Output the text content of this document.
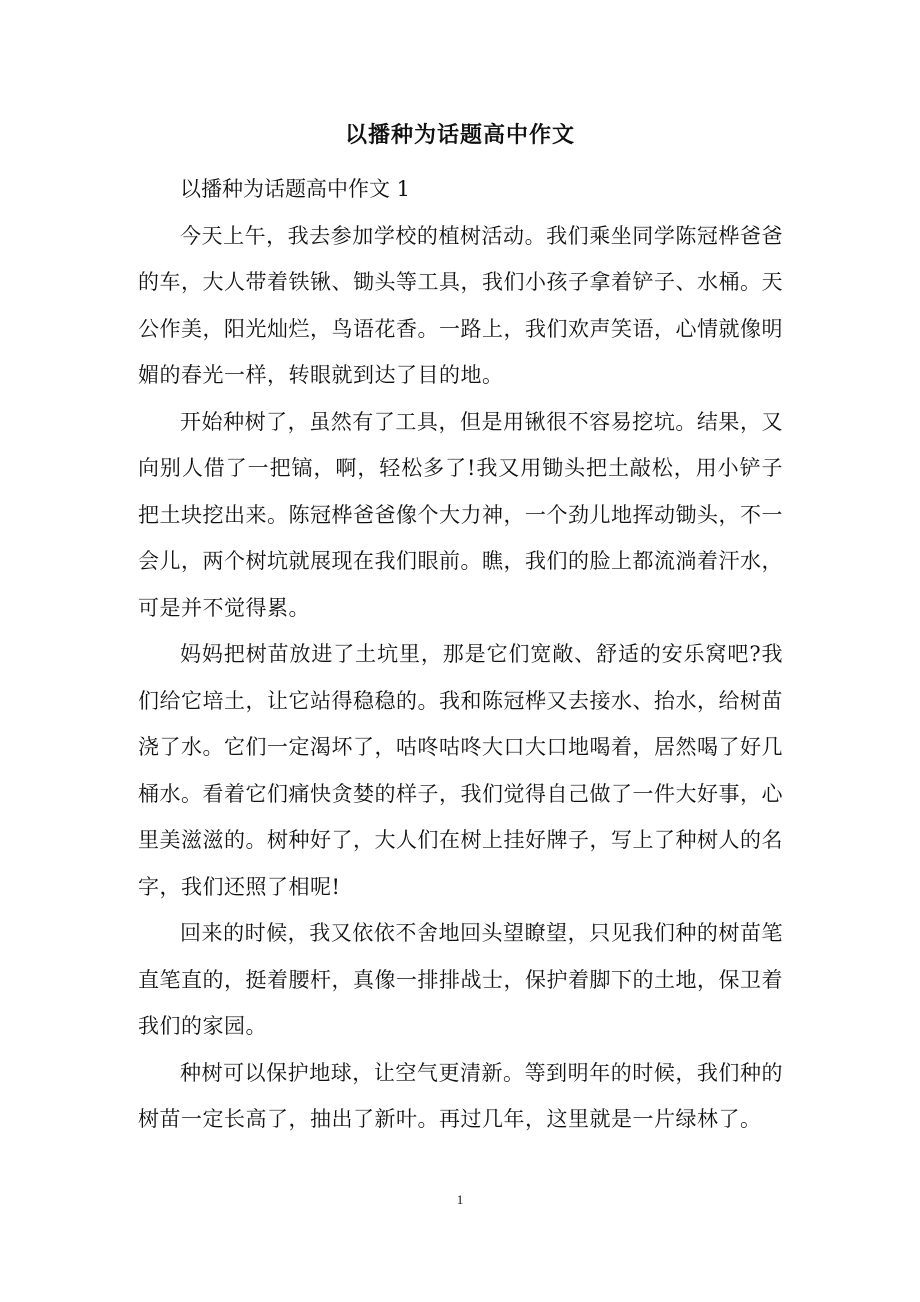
以播种为话题高中作文

以播种为话题高中作文 1

今天上午，我去参加学校的植树活动。我们乘坐同学陈冠桦爸爸的车，大人带着铁锹、锄头等工具，我们小孩子拿着铲子、水桶。天公作美，阳光灿烂，鸟语花香。一路上，我们欢声笑语，心情就像明媚的春光一样，转眼就到达了目的地。

开始种树了，虽然有了工具，但是用锹很不容易挖坑。结果，又向别人借了一把镐，啊，轻松多了!我又用锄头把土敲松，用小铲子把土块挖出来。陈冠桦爸爸像个大力神，一个劲儿地挥动锄头，不一会儿，两个树坑就展现在我们眼前。瞧，我们的脸上都流淌着汗水，可是并不觉得累。

妈妈把树苗放进了土坑里，那是它们宽敞、舒适的安乐窝吧?我们给它培土，让它站得稳稳的。我和陈冠桦又去接水、抬水，给树苗浇了水。它们一定渴坏了，咕咚咕咚大口大口地喝着，居然喝了好几桶水。看着它们痛快贪婪的样子，我们觉得自己做了一件大好事，心里美滋滋的。树种好了，大人们在树上挂好牌子，写上了种树人的名字，我们还照了相呢!

回来的时候，我又依依不舍地回头望瞭望，只见我们种的树苗笔直笔直的，挺着腰杆，真像一排排战士，保护着脚下的土地，保卫着我们的家园。

种树可以保护地球，让空气更清新。等到明年的时候，我们种的树苗一定长高了，抽出了新叶。再过几年，这里就是一片绿林了。

1
